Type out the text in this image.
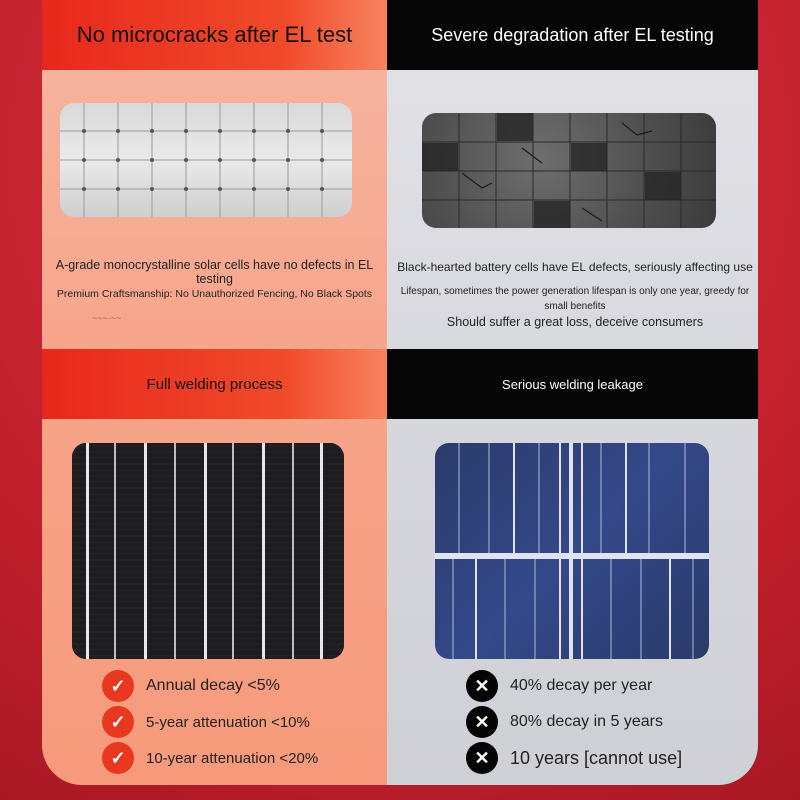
No microcracks after EL test	Severe degradation after EL testing
Full welding process	Serious welding leakage
A-grade monocrystalline solar cells have no defects in EL testing
Premium Craftsmanship: No Unauthorized Fencing, No Black Spots
~~~·~~
Black-hearted battery cells have EL defects, seriously affecting use
Lifespan, sometimes the power generation lifespan is only one year, greedy for small benefits
Should suffer a great loss, deceive consumers
✓	Annual decay <5%
✓	5-year attenuation <10%
✓	10-year attenuation <20%
✕	40% decay per year
✕	80% decay in 5 years
✕	10 years [cannot use]
